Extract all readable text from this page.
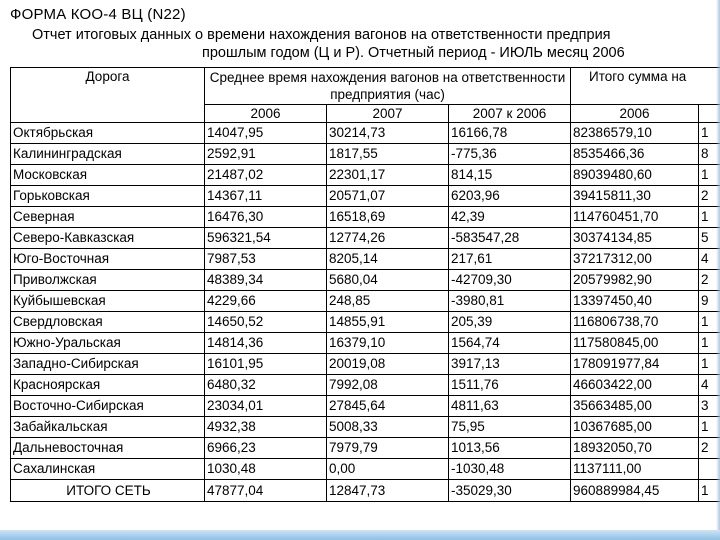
ФОРМА КОО-4 ВЦ (N22)
Отчет итоговых данных о времени нахождения вагонов на ответственности предприя
прошлым годом (Ц и Р). Отчетный период - ИЮЛЬ месяц 2006
Дорога	Среднее время нахождения вагонов на ответственности предприятия (час)			Итого сумма на	
	2006	2007	2007 к 2006	2006	
Октябрьская	14047,95	30214,73	16166,78	82386579,10	1
Калининградская	2592,91	1817,55	-775,36	8535466,36	8
Московская	21487,02	22301,17	814,15	89039480,60	1
Горьковская	14367,11	20571,07	6203,96	39415811,30	2
Северная	16476,30	16518,69	42,39	114760451,70	1
Северо-Кавказская	596321,54	12774,26	-583547,28	30374134,85	5
Юго-Восточная	7987,53	8205,14	217,61	37217312,00	4
Приволжская	48389,34	5680,04	-42709,30	20579982,90	2
Куйбышевская	4229,66	248,85	-3980,81	13397450,40	9
Свердловская	14650,52	14855,91	205,39	116806738,70	1
Южно-Уральская	14814,36	16379,10	1564,74	117580845,00	1
Западно-Сибирская	16101,95	20019,08	3917,13	178091977,84	1
Красноярская	6480,32	7992,08	1511,76	46603422,00	4
Восточно-Сибирская	23034,01	27845,64	4811,63	35663485,00	3
Забайкальская	4932,38	5008,33	75,95	10367685,00	1
Дальневосточная	6966,23	7979,79	1013,56	18932050,70	2
Сахалинская	1030,48	0,00	-1030,48	1137111,00	
ИТОГО СЕТЬ	47877,04	12847,73	-35029,30	960889984,45	1
